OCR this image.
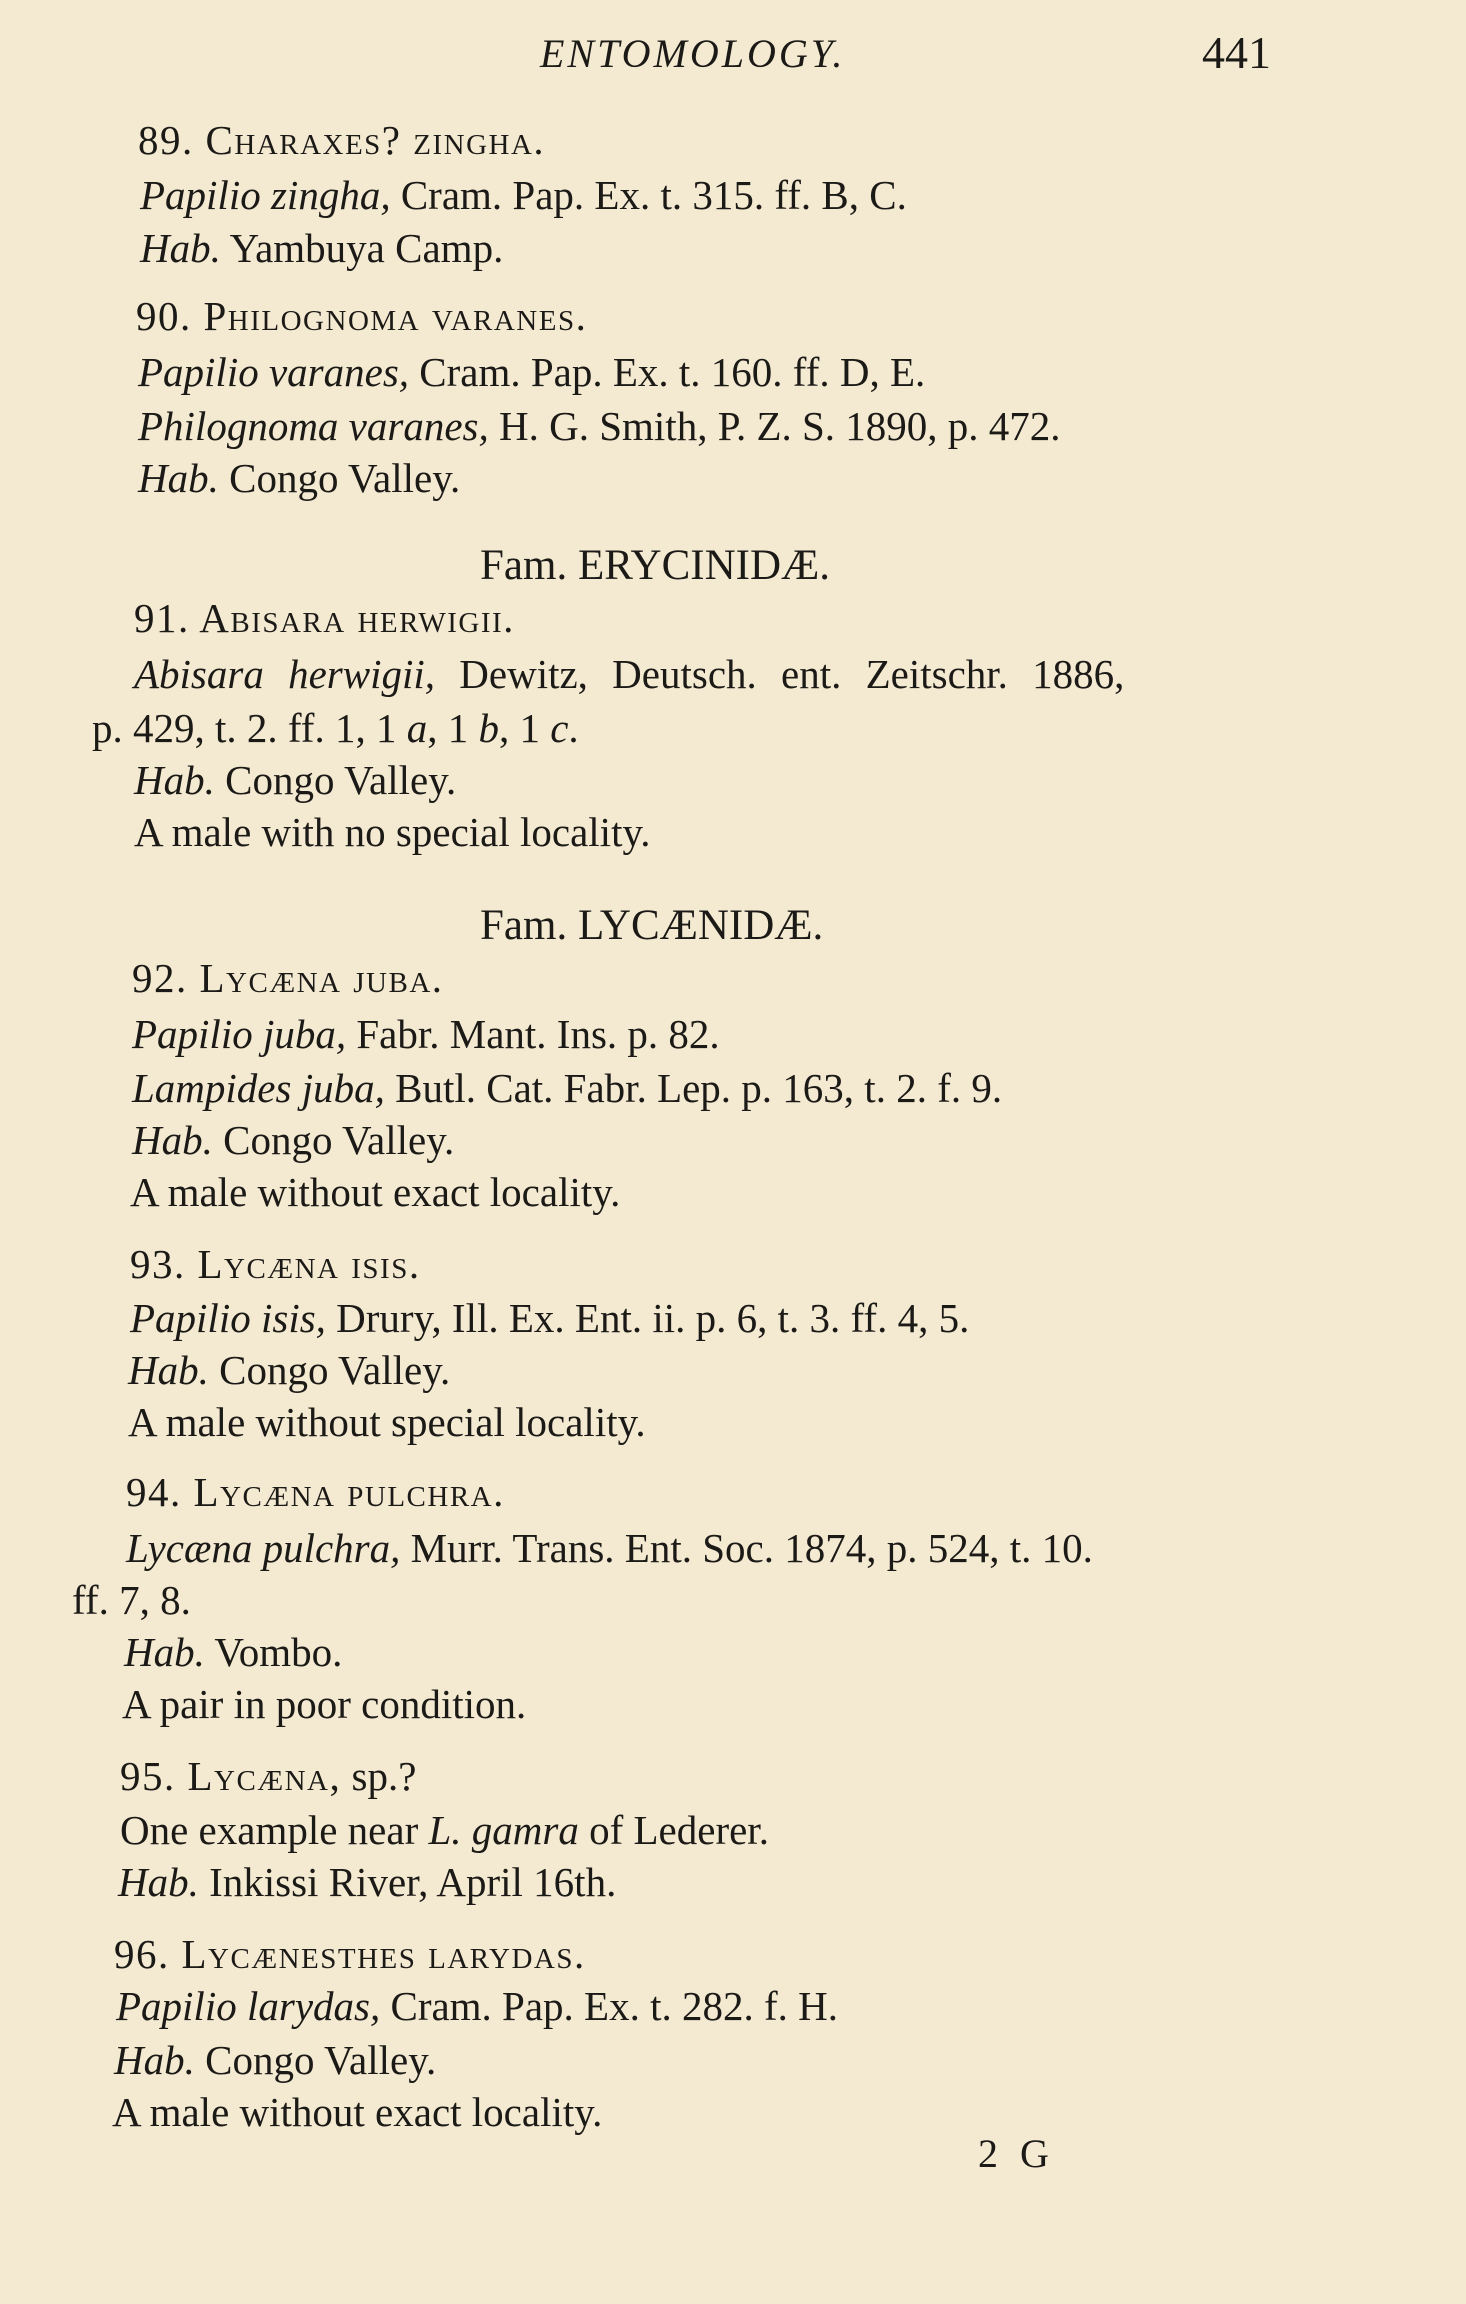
ENTOMOLOGY.	441
89. Charaxes? zingha.
Papilio zingha, Cram. Pap. Ex. t. 315. ff. B, C.
Hab. Yambuya Camp.
90. Philognoma varanes.
Papilio varanes, Cram. Pap. Ex. t. 160. ff. D, E.
Philognoma varanes, H. G. Smith, P. Z. S. 1890, p. 472.
Hab. Congo Valley.
Fam. ERYCINIDÆ.
91. Abisara herwigii.
Abisara herwigii, Dewitz, Deutsch. ent. Zeitschr. 1886,
p. 429, t. 2. ff. 1, 1 a, 1 b, 1 c.
Hab. Congo Valley.
A male with no special locality.
Fam. LYCÆNIDÆ.
92. Lycæna juba.
Papilio juba, Fabr. Mant. Ins. p. 82.
Lampides juba, Butl. Cat. Fabr. Lep. p. 163, t. 2. f. 9.
Hab. Congo Valley.
A male without exact locality.
93. Lycæna isis.
Papilio isis, Drury, Ill. Ex. Ent. ii. p. 6, t. 3. ff. 4, 5.
Hab. Congo Valley.
A male without special locality.
94. Lycæna pulchra.
Lycæna pulchra, Murr. Trans. Ent. Soc. 1874, p. 524, t. 10.
ff. 7, 8.
Hab. Vombo.
A pair in poor condition.
95. Lycæna, sp.?
One example near L. gamra of Lederer.
Hab. Inkissi River, April 16th.
96. Lycænesthes larydas.
Papilio larydas, Cram. Pap. Ex. t. 282. f. H.
Hab. Congo Valley.
A male without exact locality.
2 G
